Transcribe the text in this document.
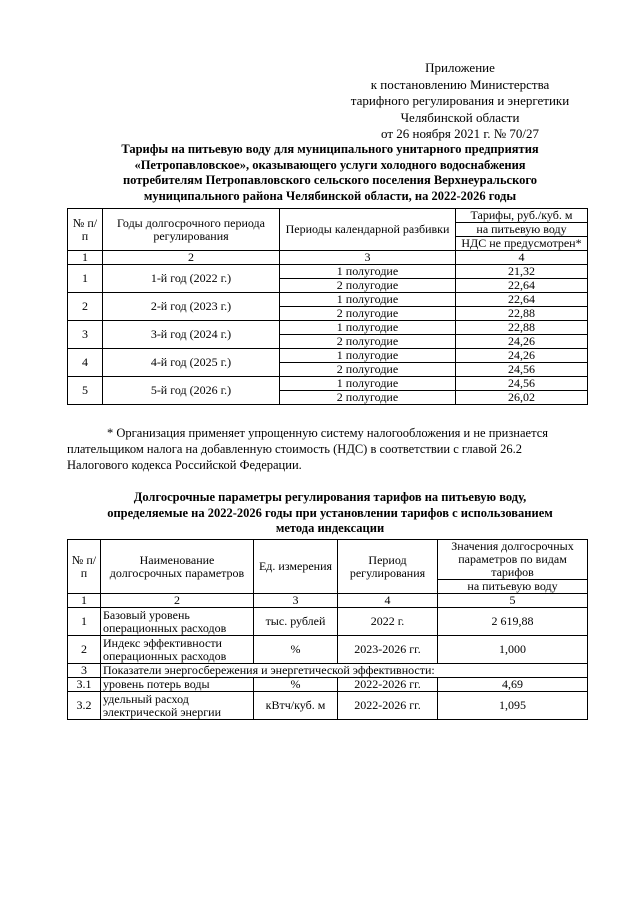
Приложение
к постановлению Министерства
тарифного регулирования и энергетики
Челябинской области
от 26 ноября 2021 г. № 70/27
Тарифы на питьевую воду для муниципального унитарного предприятия
«Петропавловское», оказывающего услуги холодного водоснабжения
потребителям Петропавловского сельского поселения Верхнеуральского
муниципального района Челябинской области, на 2022-2026 годы
№ п/п	Годы долгосрочного периода регулирования	Периоды календарной разбивки	Тарифы, руб./куб. м
			на питьевую воду
			НДС не предусмотрен*
1	2	3	4
1	1-й год (2022 г.)	1 полугодие	21,32
		2 полугодие	22,64
2	2-й год (2023 г.)	1 полугодие	22,64
		2 полугодие	22,88
3	3-й год (2024 г.)	1 полугодие	22,88
		2 полугодие	24,26
4	4-й год (2025 г.)	1 полугодие	24,26
		2 полугодие	24,56
5	5-й год (2026 г.)	1 полугодие	24,56
		2 полугодие	26,02
* Организация применяет упрощенную систему налогообложения и не признается
плательщиком налога на добавленную стоимость (НДС) в соответствии с главой 26.2
Налогового кодекса Российской Федерации.
Долгосрочные параметры регулирования тарифов на питьевую воду,
определяемые на 2022-2026 годы при установлении тарифов с использованием
метода индексации
№ п/п	Наименование долгосрочных параметров	Ед. измерения	Период регулирования	Значения долгосрочных параметров по видам тарифов
				на питьевую воду
1	2	3	4	5
1	Базовый уровень операционных расходов	тыс. рублей	2022 г.	2 619,88
2	Индекс эффективности операционных расходов	%	2023-2026 гг.	1,000
3	Показатели энергосбережения и энергетической эффективности:			
3.1	уровень потерь воды	%	2022-2026 гг.	4,69
3.2	удельный расход электрической энергии	кВтч/куб. м	2022-2026 гг.	1,095
